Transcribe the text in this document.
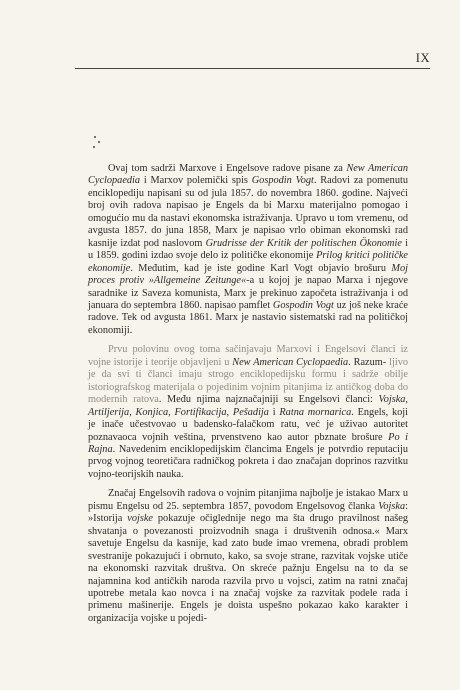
IX

Ovaj tom sadrži Marxove i Engelsove radove pisane za New American Cyclopaedia i Marxov polemički spis Gospodin Vogt. Radovi za pomenutu enciklopediju napisani su od jula 1857. do novembra 1860. godine. Najveći broj ovih radova napisao je Engels da bi Marxu materijalno pomogao i omogućio mu da nastavi ekonomska istraživanja. Upravo u tom vremenu, od avgusta 1857. do juna 1858, Marx je napisao vrlo obiman ekonomski rad kasnije izdat pod naslovom Grudrisse der Kritik der politischen Ökonomie i u 1859. godini izdao svoje delo iz političke ekonomije Prilog kritici političke ekonomije. Međutim, kad je iste godine Karl Vogt objavio brošuru Moj proces protiv »Allgemeine Zeitunge«-a u kojoj je napao Marxa i njegove saradnike iz Saveza komunista, Marx je prekinuo započeta istraživanja i od januara do septembra 1860. napisao pamflet Gospodin Vogt uz još neke kraće radove. Tek od avgusta 1861. Marx je nastavio sistematski rad na političkoj ekonomiji.

Prvu polovinu ovog toma sačinjavaju Marxovi i Engelsovi članci iz vojne istorije i teorije objavljeni u New American Cyclopaedia. Razum- ljivo je da svi ti članci imaju strogo enciklopedijsku formu i sadrže obilje istoriografskog materijala o pojedinim vojnim pitanjima iz antičkog doba do modernih ratova. Među njima najznačajniji su Engelsovi članci: Vojska, Artiljerija, Konjica, Fortifikacija, Pešadija i Ratna mornarica. Engels, koji je inače učestvovao u badensko-falačkom ratu, već je uživao autoritet poznavaoca vojnih veština, prvenstveno kao autor pbznate brošure Po i Rajna. Navedenim enciklopedijskim člancima Engels je potvrdio reputaciju prvog vojnog teoretičara radničkog pokreta i dao značajan doprinos razvitku vojno-teorijskih nauka.

Značaj Engelsovih radova o vojnim pitanjima najbolje je istakao Marx u pismu Engelsu od 25. septembra 1857, povodom Engelsovog članka Vojska: »Istorija vojske pokazuje očiglednije nego ma šta drugo pravilnost našeg shvatanja o povezanosti proizvodnih snaga i društvenih odnosa.« Marx savetuje Engelsu da kasnije, kad zato bude imao vremena, obradi problem svestranije pokazujući i obrnuto, kako, sa svoje strane, razvitak vojske utiče na ekonomski razvitak društva. On skreće pažnju Engelsu na to da se najamnina kod antičkih naroda razvila prvo u vojsci, zatim na ratni značaj upotrebe metala kao novca i na značaj vojske za razvitak podele rada i primenu mašinerije. Engels je doista uspešno pokazao kako karakter i organizacija vojske u pojedi-
